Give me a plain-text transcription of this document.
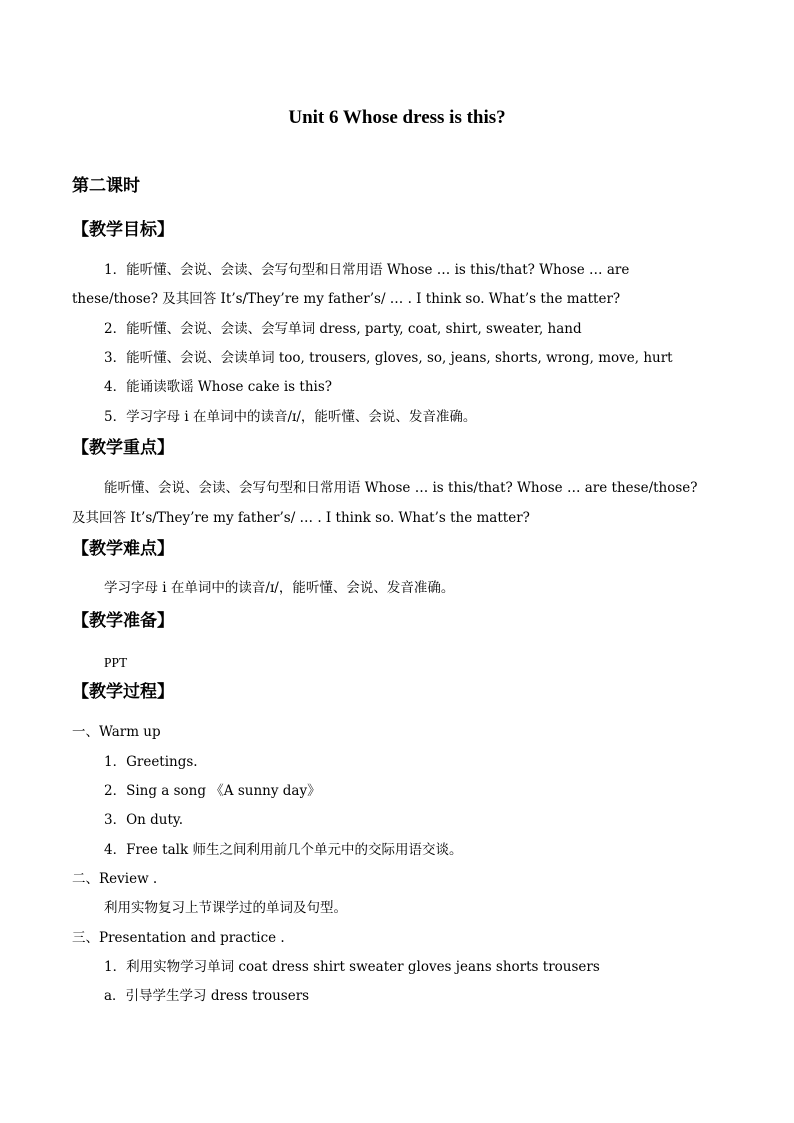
Unit 6 Whose dress is this?
第二课时
【教学目标】
1．能听懂、会说、会读、会写句型和日常用语 Whose … is this/that? Whose … are
these/those? 及其回答 It’s/They’re my father’s/ … . I think so. What’s the matter?
2．能听懂、会说、会读、会写单词 dress, party, coat, shirt, sweater, hand
3．能听懂、会说、会读单词 too, trousers, gloves, so, jeans, shorts, wrong, move, hurt
4．能诵读歌谣 Whose cake is this?
5．学习字母 i 在单词中的读音/ɪ/，能听懂、会说、发音准确。
【教学重点】
能听懂、会说、会读、会写句型和日常用语 Whose … is this/that? Whose … are these/those?
及其回答 It’s/They’re my father’s/ … . I think so. What’s the matter?
【教学难点】
学习字母 i 在单词中的读音/ɪ/，能听懂、会说、发音准确。
【教学准备】
PPT
【教学过程】
一、Warm up
1．Greetings.
2．Sing a song 《A sunny day》
3．On duty.
4．Free talk 师生之间利用前几个单元中的交际用语交谈。
二、Review .
利用实物复习上节课学过的单词及句型。
三、Presentation and practice .
1．利用实物学习单词 coat dress shirt sweater gloves jeans shorts trousers
a．引导学生学习 dress trousers
